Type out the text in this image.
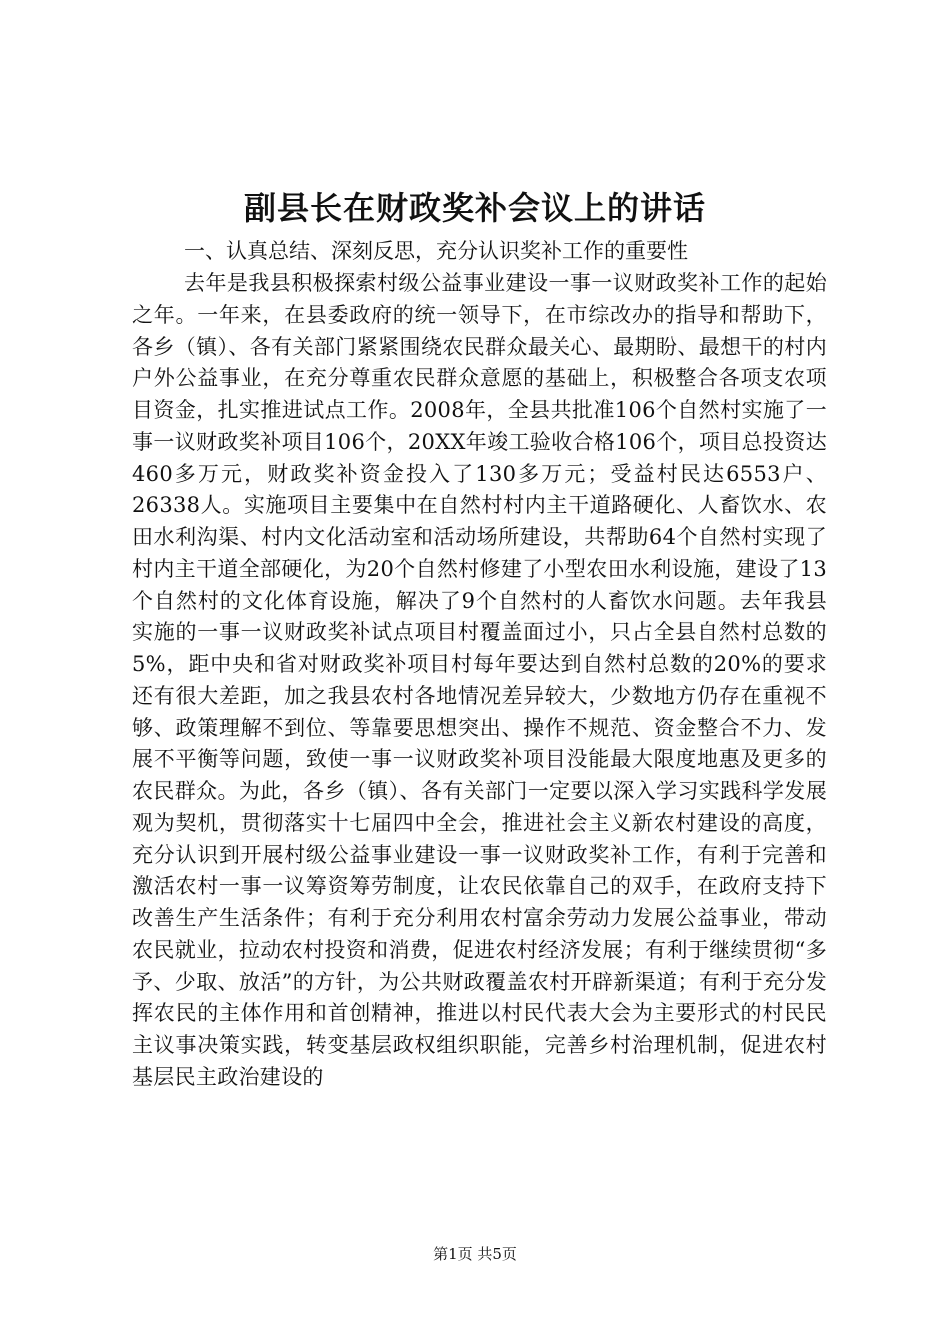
副县长在财政奖补会议上的讲话

一、认真总结、深刻反思，充分认识奖补工作的重要性

去年是我县积极探索村级公益事业建设一事一议财政奖补工作的起始之年。一年来，在县委政府的统一领导下，在市综改办的指导和帮助下，各乡（镇）、各有关部门紧紧围绕农民群众最关心、最期盼、最想干的村内户外公益事业，在充分尊重农民群众意愿的基础上，积极整合各项支农项目资金，扎实推进试点工作。2008年，全县共批准106个自然村实施了一事一议财政奖补项目106个，20XX年竣工验收合格106个，项目总投资达460多万元，财政奖补资金投入了130多万元；受益村民达6553户、26338人。实施项目主要集中在自然村村内主干道路硬化、人畜饮水、农田水利沟渠、村内文化活动室和活动场所建设，共帮助64个自然村实现了村内主干道全部硬化，为20个自然村修建了小型农田水利设施，建设了13个自然村的文化体育设施，解决了9个自然村的人畜饮水问题。去年我县实施的一事一议财政奖补试点项目村覆盖面过小，只占全县自然村总数的5%，距中央和省对财政奖补项目村每年要达到自然村总数的20%的要求还有很大差距，加之我县农村各地情况差异较大，少数地方仍存在重视不够、政策理解不到位、等靠要思想突出、操作不规范、资金整合不力、发展不平衡等问题，致使一事一议财政奖补项目没能最大限度地惠及更多的农民群众。为此，各乡（镇）、各有关部门一定要以深入学习实践科学发展观为契机，贯彻落实十七届四中全会，推进社会主义新农村建设的高度，充分认识到开展村级公益事业建设一事一议财政奖补工作，有利于完善和激活农村一事一议筹资筹劳制度，让农民依靠自己的双手，在政府支持下改善生产生活条件；有利于充分利用农村富余劳动力发展公益事业，带动农民就业，拉动农村投资和消费，促进农村经济发展；有利于继续贯彻“多予、少取、放活”的方针，为公共财政覆盖农村开辟新渠道；有利于充分发挥农民的主体作用和首创精神，推进以村民代表大会为主要形式的村民民主议事决策实践，转变基层政权组织职能，完善乡村治理机制，促进农村基层民主政治建设的

第1页 共5页
